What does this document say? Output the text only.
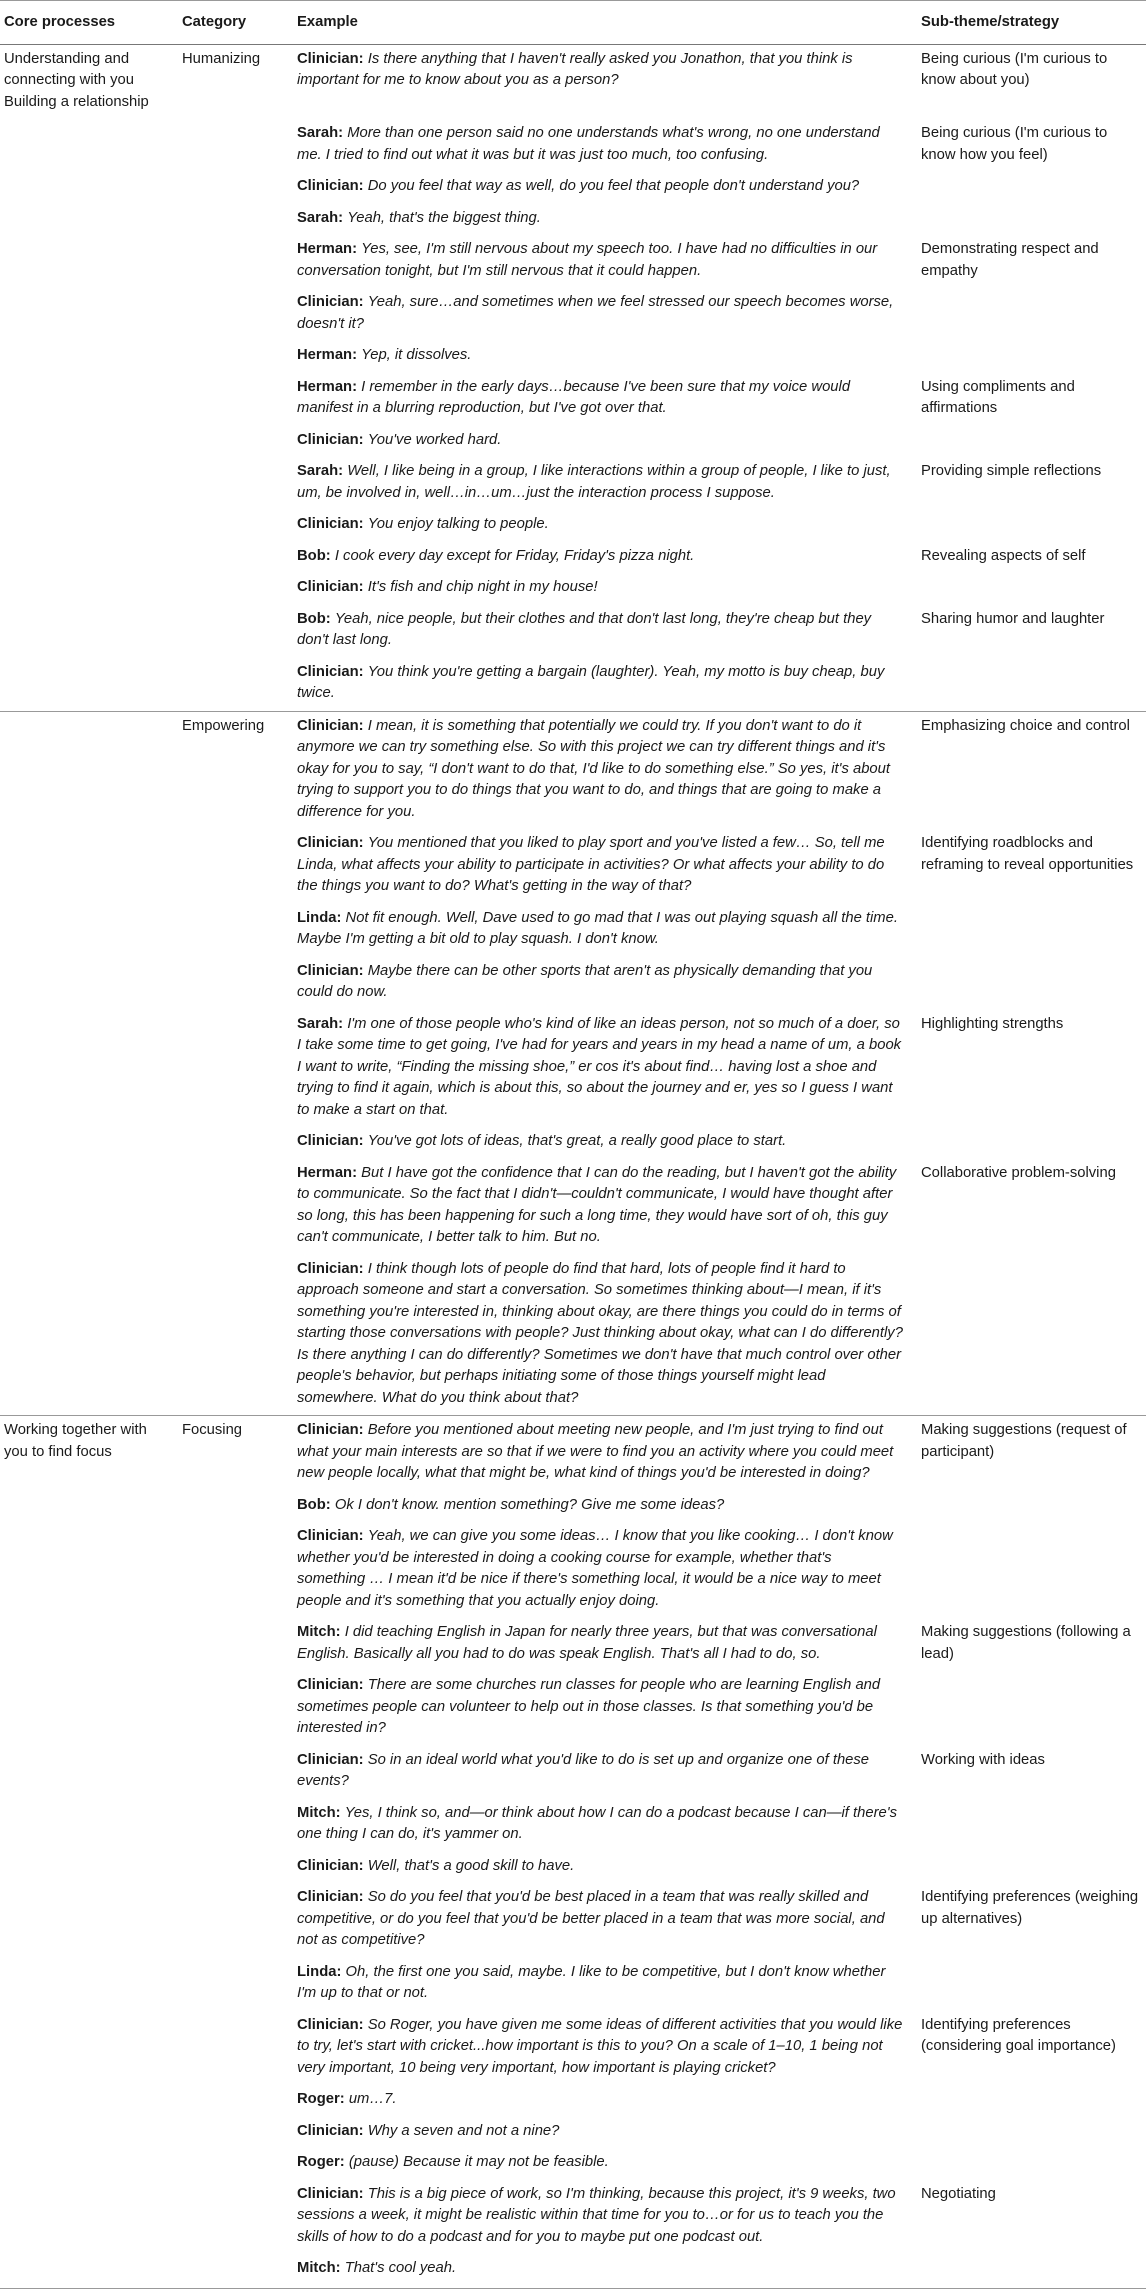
Core processes	Category	Example	Sub-theme/strategy

Understanding and connecting with you
Building a relationship	Humanizing	Clinician: Is there anything that I haven't really asked you Jonathon, that you think is important for me to know about you as a person?	Being curious (I'm curious to know about you)
		Sarah: More than one person said no one understands what's wrong, no one understand me. I tried to find out what it was but it was just too much, too confusing.	Being curious (I'm curious to know how you feel)
		Clinician: Do you feel that way as well, do you feel that people don't understand you?	
		Sarah: Yeah, that's the biggest thing.	
		Herman: Yes, see, I'm still nervous about my speech too. I have had no difficulties in our conversation tonight, but I'm still nervous that it could happen.	Demonstrating respect and empathy
		Clinician: Yeah, sure…and sometimes when we feel stressed our speech becomes worse, doesn't it?	
		Herman: Yep, it dissolves.	
		Herman: I remember in the early days…because I've been sure that my voice would manifest in a blurring reproduction, but I've got over that.	Using compliments and affirmations
		Clinician: You've worked hard.	
		Sarah: Well, I like being in a group, I like interactions within a group of people, I like to just, um, be involved in, well…in…um…just the interaction process I suppose.	Providing simple reflections
		Clinician: You enjoy talking to people.	
		Bob: I cook every day except for Friday, Friday's pizza night.	Revealing aspects of self
		Clinician: It's fish and chip night in my house!	
		Bob: Yeah, nice people, but their clothes and that don't last long, they're cheap but they don't last long.	Sharing humor and laughter
		Clinician: You think you're getting a bargain (laughter). Yeah, my motto is buy cheap, buy twice.	
	Empowering	Clinician: I mean, it is something that potentially we could try. If you don't want to do it anymore we can try something else. So with this project we can try different things and it's okay for you to say, “I don't want to do that, I'd like to do something else.” So yes, it's about trying to support you to do things that you want to do, and things that are going to make a difference for you.	Emphasizing choice and control
		Clinician: You mentioned that you liked to play sport and you've listed a few… So, tell me Linda, what affects your ability to participate in activities? Or what affects your ability to do the things you want to do? What's getting in the way of that?	Identifying roadblocks and reframing to reveal opportunities
		Linda: Not fit enough. Well, Dave used to go mad that I was out playing squash all the time. Maybe I'm getting a bit old to play squash. I don't know.	
		Clinician: Maybe there can be other sports that aren't as physically demanding that you could do now.	
		Sarah: I'm one of those people who's kind of like an ideas person, not so much of a doer, so I take some time to get going, I've had for years and years in my head a name of um, a book I want to write, “Finding the missing shoe,” er cos it's about find… having lost a shoe and trying to find it again, which is about this, so about the journey and er, yes so I guess I want to make a start on that.	Highlighting strengths
		Clinician: You've got lots of ideas, that's great, a really good place to start.	
		Herman: But I have got the confidence that I can do the reading, but I haven't got the ability to communicate. So the fact that I didn't—couldn't communicate, I would have thought after so long, this has been happening for such a long time, they would have sort of oh, this guy can't communicate, I better talk to him. But no.	Collaborative problem-solving
		Clinician: I think though lots of people do find that hard, lots of people find it hard to approach someone and start a conversation. So sometimes thinking about—I mean, if it's something you're interested in, thinking about okay, are there things you could do in terms of starting those conversations with people? Just thinking about okay, what can I do differently? Is there anything I can do differently? Sometimes we don't have that much control over other people's behavior, but perhaps initiating some of those things yourself might lead somewhere. What do you think about that?	

Working together with you to find focus	Focusing	Clinician: Before you mentioned about meeting new people, and I'm just trying to find out what your main interests are so that if we were to find you an activity where you could meet new people locally, what that might be, what kind of things you'd be interested in doing?	Making suggestions (request of participant)
		Bob: Ok I don't know. mention something? Give me some ideas?	
		Clinician: Yeah, we can give you some ideas… I know that you like cooking… I don't know whether you'd be interested in doing a cooking course for example, whether that's something … I mean it'd be nice if there's something local, it would be a nice way to meet people and it's something that you actually enjoy doing.	
		Mitch: I did teaching English in Japan for nearly three years, but that was conversational English. Basically all you had to do was speak English. That's all I had to do, so.	Making suggestions (following a lead)
		Clinician: There are some churches run classes for people who are learning English and sometimes people can volunteer to help out in those classes. Is that something you'd be interested in?	
		Clinician: So in an ideal world what you'd like to do is set up and organize one of these events?	Working with ideas
		Mitch: Yes, I think so, and—or think about how I can do a podcast because I can—if there's one thing I can do, it's yammer on.	
		Clinician: Well, that's a good skill to have.	
		Clinician: So do you feel that you'd be best placed in a team that was really skilled and competitive, or do you feel that you'd be better placed in a team that was more social, and not as competitive?	Identifying preferences (weighing up alternatives)
		Linda: Oh, the first one you said, maybe. I like to be competitive, but I don't know whether I'm up to that or not.	
		Clinician: So Roger, you have given me some ideas of different activities that you would like to try, let's start with cricket...how important is this to you? On a scale of 1–10, 1 being not very important, 10 being very important, how important is playing cricket?	Identifying preferences (considering goal importance)
		Roger: um…7.	
		Clinician: Why a seven and not a nine?	
		Roger: (pause) Because it may not be feasible.	
		Clinician: This is a big piece of work, so I'm thinking, because this project, it's 9 weeks, two sessions a week, it might be realistic within that time for you to…or for us to teach you the skills of how to do a podcast and for you to maybe put one podcast out.	Negotiating
		Mitch: That's cool yeah.	
